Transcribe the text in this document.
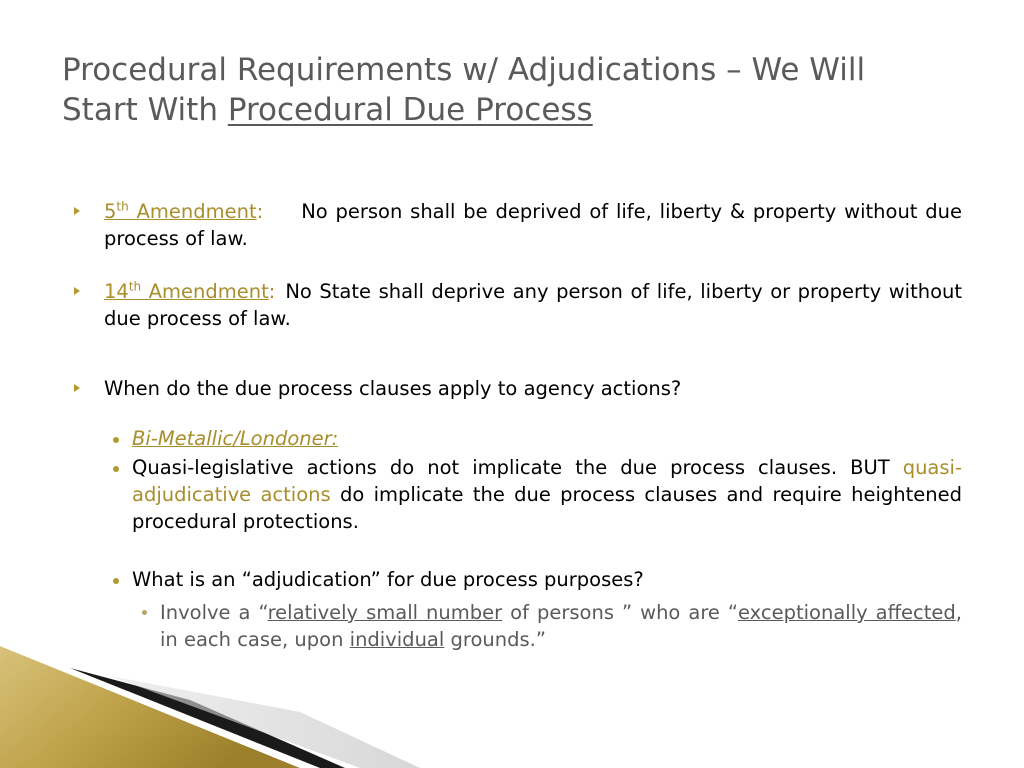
Procedural Requirements w/ Adjudications – We Will
Start With Procedural Due Process

5th Amendment: No person shall be deprived of life, liberty & property without due process of law.

14th Amendment: No State shall deprive any person of life, liberty or property without due process of law.

When do the due process clauses apply to agency actions?

Bi-Metallic/Londoner:

Quasi-legislative actions do not implicate the due process clauses. BUT quasi-adjudicative actions do implicate the due process clauses and require heightened procedural protections.

What is an “adjudication” for due process purposes?

Involve a “relatively small number of persons ” who are “exceptionally affected, in each case, upon individual grounds.”
